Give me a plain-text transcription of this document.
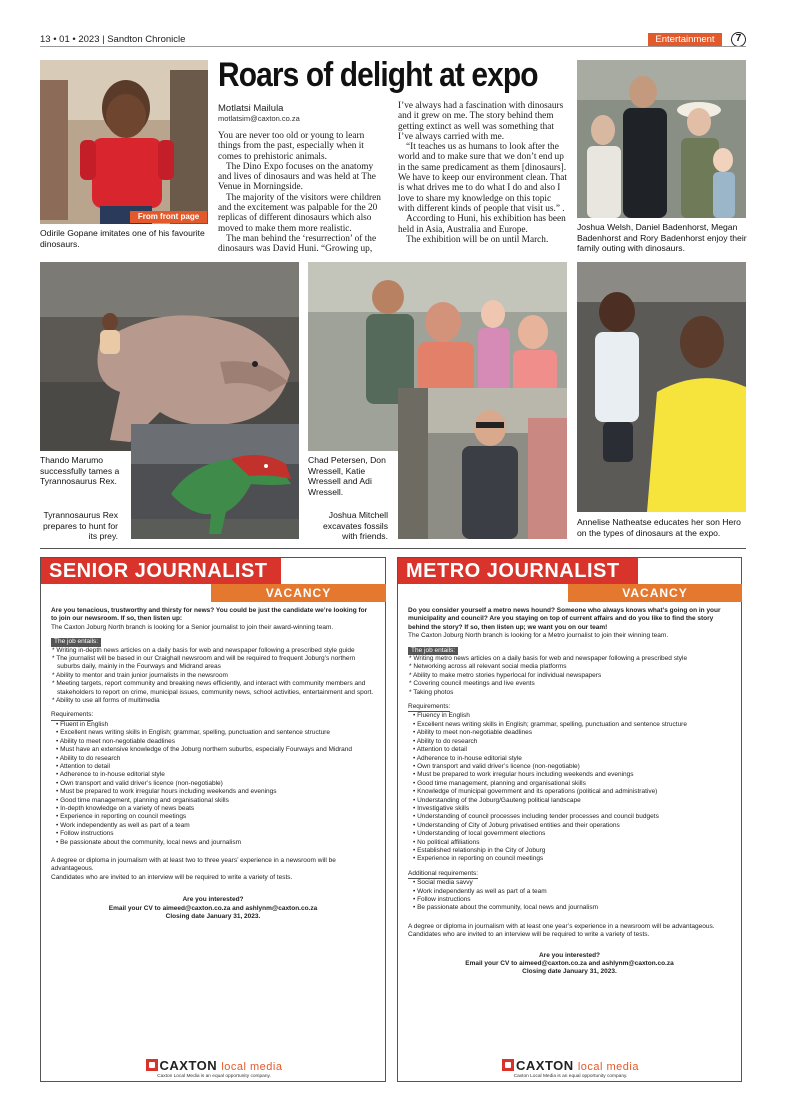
13 • 01 • 2023 | Sandton Chronicle	Entertainment	7
From front page
Odirile Gopane imitates one of his favourite dinosaurs.
Roars of delight at expo
Motlatsi Mailula
motlatsim@caxton.co.za

You are never too old or young to learn things from the past, especially when it comes to prehistoric animals.

The Dino Expo focuses on the anatomy and lives of dinosaurs and was held at The Venue in Morningside.

The majority of the visitors were children and the excitement was palpable for the 20 replicas of different dinosaurs which also moved to make them more realistic.

The man behind the ‘resurrection’ of the dinosaurs was David Huni. “Growing up,

I’ve always had a fascination with dinosaurs and it grew on me. The story behind them getting extinct as well was something that I’ve always carried with me.

“It teaches us as humans to look after the world and to make sure that we don’t end up in the same predicament as them [dinosaurs]. We have to keep our environment clean. That is what drives me to do what I do and also I love to share my knowledge on this topic with different kinds of people that visit us.” .

According to Huni, his exhibition has been held in Asia, Australia and Europe.

The exhibition will be on until March.

Joshua Welsh, Daniel Badenhorst, Megan Badenhorst and Rory Badenhorst enjoy their family outing with dinosaurs.
Thando Marumo successfully tames a Tyrannosaurus Rex.
Tyrannosaurus Rex prepares to hunt for its prey.
Chad Petersen, Don Wressell, Katie Wressell and Adi Wressell.
Joshua Mitchell excavates fossils with friends.
Annelise Natheatse educates her son Hero on the types of dinosaurs at the expo.
SENIOR JOURNALIST
VACANCY
Are you tenacious, trustworthy and thirsty for news? You could be just the candidate we’re looking for to join our newsroom. If so, then listen up:
The Caxton Joburg North branch is looking for a Senior journalist to join their award-winning team.
The job entails:
* Writing in-depth news articles on a daily basis for web and newspaper following a prescribed style guide
* The journalist will be based in our Craighall newsroom and will be required to frequent Joburg’s northern suburbs daily, mainly in the Fourways and Midrand areas
* Ability to mentor and train junior journalists in the newsroom
* Meeting targets, report community and breaking news efficiently, and interact with community members and stakeholders to report on crime, municipal issues, community news, school activities, entertainment and sport.
* Ability to use all forms of multimedia
Requirements:
• Fluent in English
• Excellent news writing skills in English; grammar, spelling, punctuation and sentence structure
• Ability to meet non-negotiable deadlines
• Must have an extensive knowledge of the Joburg northern suburbs, especially Fourways and Midrand
• Ability to do research
• Attention to detail
• Adherence to in-house editorial style
• Own transport and valid driver’s licence (non-negotiable)
• Must be prepared to work irregular hours including weekends and evenings
• Good time management, planning and organisational skills
• In-depth knowledge on a variety of news beats
• Experience in reporting on council meetings
• Work independently as well as part of a team
• Follow instructions
• Be passionate about the community, local news and journalism
A degree or diploma in journalism with at least two to three years’ experience in a newsroom will be advantageous.
Candidates who are invited to an interview will be required to write a variety of tests.
Are you interested?
Email your CV to aimeed@caxton.co.za and ashlynm@caxton.co.za
Closing date January 31, 2023.
CAXTON local media
Caxton Local Media is an equal opportunity company.
METRO JOURNALIST
VACANCY
Do you consider yourself a metro news hound? Someone who always knows what’s going on in your municipality and council? Are you staying on top of current affairs and do you like to find the story behind the story? If so, then listen up; we want you on our team!
The Caxton Joburg North branch is looking for a Metro journalist to join their winning team.
The job entails:
* Writing metro news articles on a daily basis for web and newspaper following a prescribed style
* Networking across all relevant social media platforms
* Ability to make metro stories hyperlocal for individual newspapers
* Covering council meetings and live events
* Taking photos
Requirements:
• Fluency in English
• Excellent news writing skills in English; grammar, spelling, punctuation and sentence structure
• Ability to meet non-negotiable deadlines
• Ability to do research
• Attention to detail
• Adherence to in-house editorial style
• Own transport and valid driver’s licence (non-negotiable)
• Must be prepared to work irregular hours including weekends and evenings
• Good time management, planning and organisational skills
• Knowledge of municipal government and its operations (political and administrative)
• Understanding of the Joburg/Gauteng political landscape
• Investigative skills
• Understanding of council processes including tender processes and council budgets
• Understanding of City of Joburg privatised entities and their operations
• Understanding of local government elections
• No political affiliations
• Established relationship in the City of Joburg
• Experience in reporting on council meetings
Additional requirements:
• Social media savvy
• Work independently as well as part of a team
• Follow instructions
• Be passionate about the community, local news and journalism
A degree or diploma in journalism with at least one year’s experience in a newsroom will be advantageous.
Candidates who are invited to an interview will be required to write a variety of tests.
Are you interested?
Email your CV to aimeed@caxton.co.za and ashlynm@caxton.co.za
Closing date January 31, 2023.
CAXTON local media
Caxton Local Media is an equal opportunity company.
